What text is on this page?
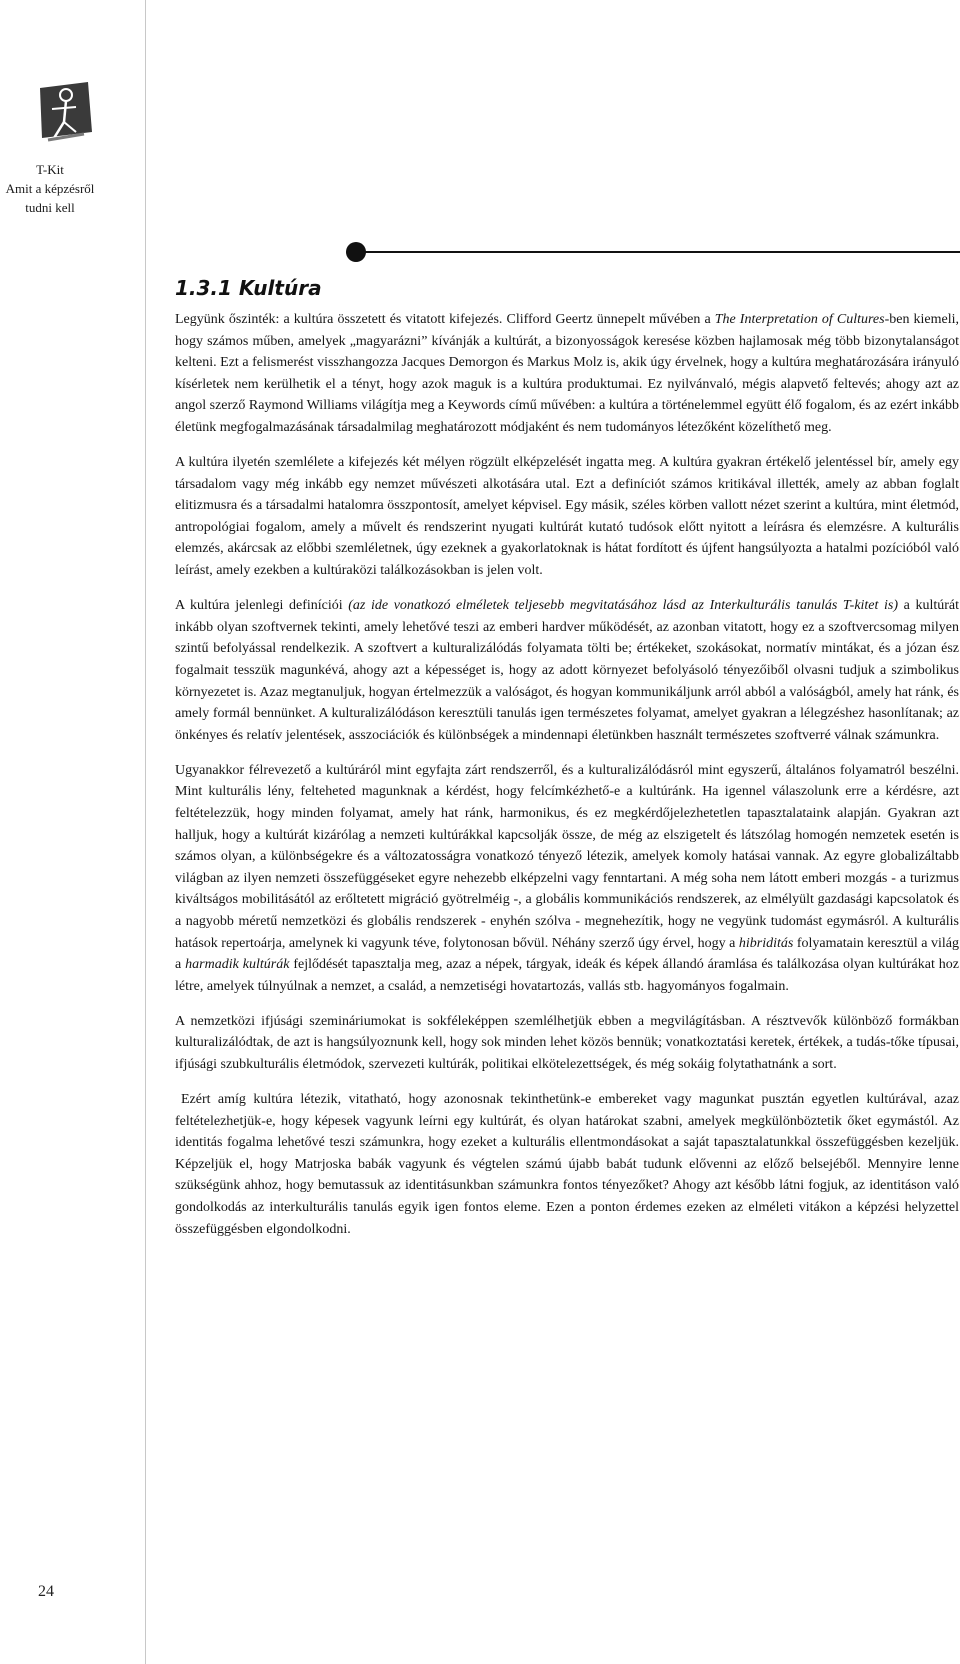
T-Kit
Amit a képzésről
tudni kell
24
1.3.1 Kultúra

Legyünk őszinték: a kultúra összetett és vitatott kifejezés. Clifford Geertz ünnepelt művében a The Interpretation of Cultures-ben kiemeli, hogy számos műben, amelyek „magyarázni” kívánják a kultúrát, a bizonyosságok keresése közben hajlamosak még több bizonytalanságot kelteni. Ezt a felismerést visszhangozza Jacques Demorgon és Markus Molz is, akik úgy érvelnek, hogy a kultúra meghatározására irányuló kísérletek nem kerülhetik el a tényt, hogy azok maguk is a kultúra produktumai. Ez nyilvánvaló, mégis alapvető feltevés; ahogy azt az angol szerző Raymond Williams világítja meg a Keywords című művében: a kultúra a történelemmel együtt élő fogalom, és az ezért inkább életünk megfogalmazásának társadalmilag meghatározott módjaként és nem tudományos létezőként közelíthető meg.

A kultúra ilyetén szemlélete a kifejezés két mélyen rögzült elképzelését ingatta meg. A kultúra gyakran értékelő jelentéssel bír, amely egy társadalom vagy még inkább egy nemzet művészeti alkotására utal. Ezt a definíciót számos kritikával illették, amely az abban foglalt elitizmusra és a társadalmi hatalomra összpontosít, amelyet képvisel. Egy másik, széles körben vallott nézet szerint a kultúra, mint életmód, antropológiai fogalom, amely a művelt és rendszerint nyugati kultúrát kutató tudósok előtt nyitott a leírásra és elemzésre. A kulturális elemzés, akárcsak az előbbi szemléletnek, úgy ezeknek a gyakorlatoknak is hátat fordított és újfent hangsúlyozta a hatalmi pozícióból való leírást, amely ezekben a kultúraközi találkozásokban is jelen volt.

A kultúra jelenlegi definíciói (az ide vonatkozó elméletek teljesebb megvitatásához lásd az Interkulturális tanulás T-kitet is) a kultúrát inkább olyan szoftvernek tekinti, amely lehetővé teszi az emberi hardver működését, az azonban vitatott, hogy ez a szoftvercsomag milyen szintű befolyással rendelkezik. A szoftvert a kulturalizálódás folyamata tölti be; értékeket, szokásokat, normatív mintákat, és a józan ész fogalmait tesszük magunkévá, ahogy azt a képességet is, hogy az adott környezet befolyásoló tényezőiből olvasni tudjuk a szimbolikus környezetet is. Azaz megtanuljuk, hogyan értelmezzük a valóságot, és hogyan kommunikáljunk arról abból a valóságból, amely hat ránk, és amely formál bennünket. A kulturalizálódáson keresztüli tanulás igen természetes folyamat, amelyet gyakran a lélegzéshez hasonlítanak; az önkényes és relatív jelentések, asszociációk és különbségek a mindennapi életünkben használt természetes szoftverré válnak számunkra.

Ugyanakkor félrevezető a kultúráról mint egyfajta zárt rendszerről, és a kulturalizálódásról mint egyszerű, általános folyamatról beszélni. Mint kulturális lény, felteheted magunknak a kérdést, hogy felcímkézhető-e a kultúránk. Ha igennel válaszolunk erre a kérdésre, azt feltételezzük, hogy minden folyamat, amely hat ránk, harmonikus, és ez megkérdőjelezhetetlen tapasztalataink alapján. Gyakran azt halljuk, hogy a kultúrát kizárólag a nemzeti kultúrákkal kapcsolják össze, de még az elszigetelt és látszólag homogén nemzetek esetén is számos olyan, a különbségekre és a változatosságra vonatkozó tényező létezik, amelyek komoly hatásai vannak. Az egyre globalizáltabb világban az ilyen nemzeti összefüggéseket egyre nehezebb elképzelni vagy fenntartani. A még soha nem látott emberi mozgás - a turizmus kiváltságos mobilitásától az erőltetett migráció gyötrelméig -, a globális kommunikációs rendszerek, az elmélyült gazdasági kapcsolatok és a nagyobb méretű nemzetközi és globális rendszerek - enyhén szólva - megnehezítik, hogy ne vegyünk tudomást egymásról. A kulturális hatások repertoárja, amelynek ki vagyunk téve, folytonosan bővül. Néhány szerző úgy érvel, hogy a hibriditás folyamatain keresztül a világ a harmadik kultúrák fejlődését tapasztalja meg, azaz a népek, tárgyak, ideák és képek állandó áramlása és találkozása olyan kultúrákat hoz létre, amelyek túlnyúlnak a nemzet, a család, a nemzetiségi hovatartozás, vallás stb. hagyományos fogalmain.

A nemzetközi ifjúsági szemináriumokat is sokféleképpen szemlélhetjük ebben a megvilágításban. A résztvevők különböző formákban kulturalizálódtak, de azt is hangsúlyoznunk kell, hogy sok minden lehet közös bennük; vonatkoztatási keretek, értékek, a tudás-tőke típusai, ifjúsági szubkulturális életmódok, szervezeti kultúrák, politikai elkötelezettségek, és még sokáig folytathatnánk a sort.

Ezért amíg kultúra létezik, vitatható, hogy azonosnak tekinthetünk-e embereket vagy magunkat pusztán egyetlen kultúrával, azaz feltételezhetjük-e, hogy képesek vagyunk leírni egy kultúrát, és olyan határokat szabni, amelyek megkülönböztetik őket egymástól. Az identitás fogalma lehetővé teszi számunkra, hogy ezeket a kulturális ellentmondásokat a saját tapasztalatunkkal összefüggésben kezeljük. Képzeljük el, hogy Matrjoska babák vagyunk és végtelen számú újabb babát tudunk elővenni az előző belsejéből. Mennyire lenne szükségünk ahhoz, hogy bemutassuk az identitásunkban számunkra fontos tényezőket? Ahogy azt később látni fogjuk, az identitáson való gondolkodás az interkulturális tanulás egyik igen fontos eleme. Ezen a ponton érdemes ezeken az elméleti vitákon a képzési helyzettel összefüggésben elgondolkodni.
